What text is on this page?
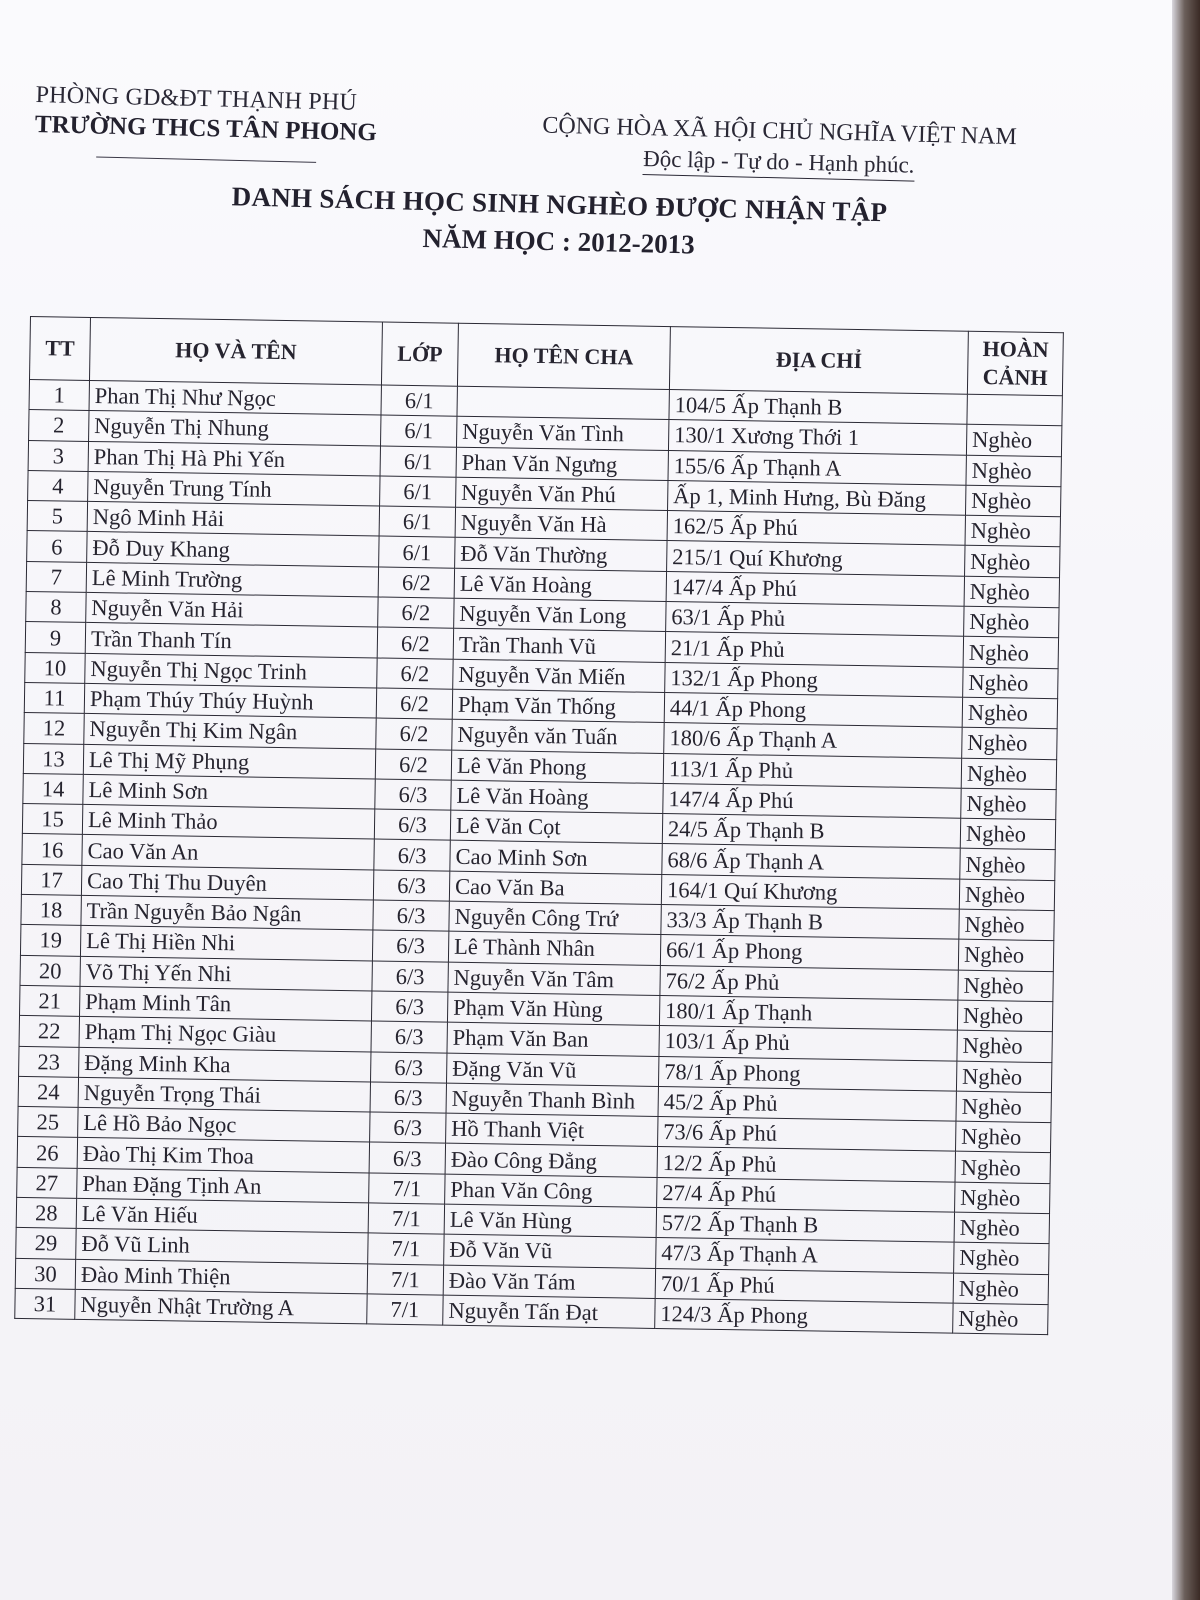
PHÒNG GD&ĐT THẠNH PHÚ
TRƯỜNG THCS TÂN PHONG	CỘNG HÒA XÃ HỘI CHỦ NGHĨA VIỆT NAM
Độc lập - Tự do - Hạnh phúc.
DANH SÁCH HỌC SINH NGHÈO ĐƯỢC NHẬN TẬP
NĂM HỌC : 2012-2013
TT	HỌ VÀ TÊN	LỚP	HỌ TÊN CHA	ĐỊA CHỈ	HOÀN CẢNH
1	Phan Thị Như Ngọc	6/1		104/5 Ấp Thạnh B	
2	Nguyễn Thị Nhung	6/1	Nguyễn Văn Tình	130/1 Xương Thới 1	Nghèo
3	Phan Thị Hà Phi Yến	6/1	Phan Văn Ngưng	155/6 Ấp Thạnh A	Nghèo
4	Nguyễn Trung Tính	6/1	Nguyễn Văn Phú	Ấp 1, Minh Hưng, Bù Đăng	Nghèo
5	Ngô Minh Hải	6/1	Nguyễn Văn Hà	162/5 Ấp Phú	Nghèo
6	Đỗ Duy Khang	6/1	Đỗ Văn Thường	215/1 Quí Khương	Nghèo
7	Lê Minh Trường	6/2	Lê Văn Hoàng	147/4 Ấp Phú	Nghèo
8	Nguyễn Văn Hải	6/2	Nguyễn Văn Long	63/1 Ấp Phủ	Nghèo
9	Trần Thanh Tín	6/2	Trần Thanh Vũ	21/1 Ấp Phủ	Nghèo
10	Nguyễn Thị Ngọc Trinh	6/2	Nguyễn Văn Miến	132/1 Ấp Phong	Nghèo
11	Phạm Thúy Thúy Huỳnh	6/2	Phạm Văn Thống	44/1 Ấp Phong	Nghèo
12	Nguyễn Thị Kim Ngân	6/2	Nguyễn văn Tuấn	180/6 Ấp Thạnh A	Nghèo
13	Lê Thị Mỹ Phụng	6/2	Lê Văn Phong	113/1 Ấp Phủ	Nghèo
14	Lê Minh Sơn	6/3	Lê Văn Hoàng	147/4 Ấp Phú	Nghèo
15	Lê Minh Thảo	6/3	Lê Văn Cọt	24/5 Ấp Thạnh B	Nghèo
16	Cao Văn An	6/3	Cao Minh Sơn	68/6 Ấp Thạnh A	Nghèo
17	Cao Thị Thu Duyên	6/3	Cao Văn Ba	164/1 Quí Khương	Nghèo
18	Trần Nguyễn Bảo Ngân	6/3	Nguyễn Công Trứ	33/3 Ấp Thạnh B	Nghèo
19	Lê Thị Hiền Nhi	6/3	Lê Thành Nhân	66/1 Ấp Phong	Nghèo
20	Võ Thị Yến Nhi	6/3	Nguyễn Văn Tâm	76/2 Ấp Phủ	Nghèo
21	Phạm Minh Tân	6/3	Phạm Văn Hùng	180/1 Ấp Thạnh	Nghèo
22	Phạm Thị Ngọc Giàu	6/3	Phạm Văn Ban	103/1 Ấp Phủ	Nghèo
23	Đặng Minh Kha	6/3	Đặng Văn Vũ	78/1 Ấp Phong	Nghèo
24	Nguyễn Trọng Thái	6/3	Nguyễn Thanh Bình	45/2 Ấp Phủ	Nghèo
25	Lê Hồ Bảo Ngọc	6/3	Hồ Thanh Việt	73/6 Ấp Phú	Nghèo
26	Đào Thị Kim Thoa	6/3	Đào Công Đẳng	12/2 Ấp Phủ	Nghèo
27	Phan Đặng Tịnh An	7/1	Phan Văn Công	27/4 Ấp Phú	Nghèo
28	Lê Văn Hiếu	7/1	Lê Văn Hùng	57/2 Ấp Thạnh B	Nghèo
29	Đỗ Vũ Linh	7/1	Đỗ Văn Vũ	47/3 Ấp Thạnh A	Nghèo
30	Đào Minh Thiện	7/1	Đào Văn Tám	70/1 Ấp Phú	Nghèo
31	Nguyễn Nhật Trường A	7/1	Nguyễn Tấn Đạt	124/3 Ấp Phong	Nghèo
